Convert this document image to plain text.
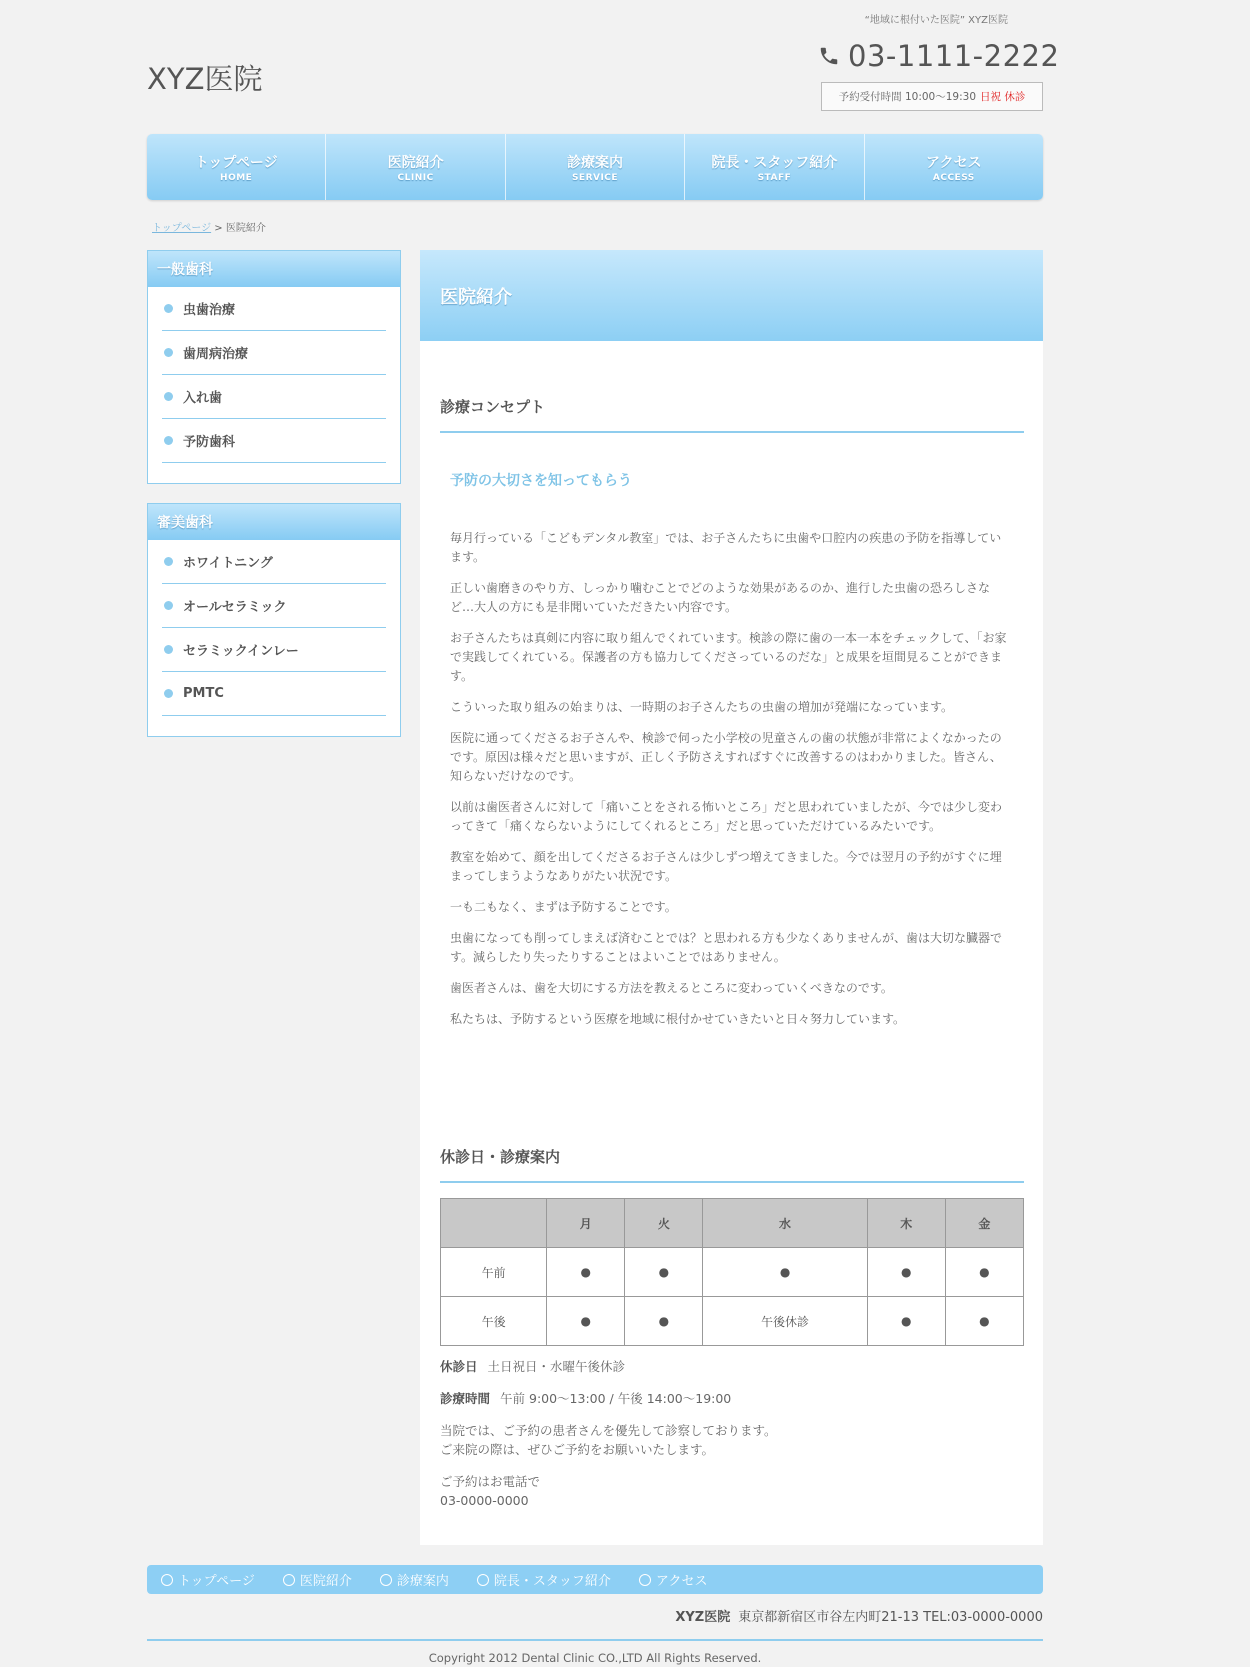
“地域に根付いた医院” XYZ医院
XYZ医院
03-1111-2222
予約受付時間 10:00～19:30 日祝 休診
トップページ
HOME
医院紹介
CLINIC
診療案内
SERVICE
院長・スタッフ紹介
STAFF
アクセス
ACCESS
トップページ > 医院紹介
一般歯科
虫歯治療
歯周病治療
入れ歯
予防歯科
審美歯科
ホワイトニング
オールセラミック
セラミックインレー
PMTC
医院紹介
診療コンセプト
予防の大切さを知ってもらう

毎月行っている「こどもデンタル教室」では、お子さんたちに虫歯や口腔内の疾患の予防を指導しています。

正しい歯磨きのやり方、しっかり噛むことでどのような効果があるのか、進行した虫歯の恐ろしさなど…大人の方にも是非聞いていただきたい内容です。

お子さんたちは真剣に内容に取り組んでくれています。検診の際に歯の一本一本をチェックして、「お家で実践してくれている。保護者の方も協力してくださっているのだな」と成果を垣間見ることができます。

こういった取り組みの始まりは、一時期のお子さんたちの虫歯の増加が発端になっています。

医院に通ってくださるお子さんや、検診で伺った小学校の児童さんの歯の状態が非常によくなかったのです。原因は様々だと思いますが、正しく予防さえすればすぐに改善するのはわかりました。皆さん、知らないだけなのです。

以前は歯医者さんに対して「痛いことをされる怖いところ」だと思われていましたが、今では少し変わってきて「痛くならないようにしてくれるところ」だと思っていただけているみたいです。

教室を始めて、顔を出してくださるお子さんは少しずつ増えてきました。今では翌月の予約がすぐに埋まってしまうようなありがたい状況です。

一も二もなく、まずは予防することです。

虫歯になっても削ってしまえば済むことでは？と思われる方も少なくありませんが、歯は大切な臓器です。減らしたり失ったりすることはよいことではありません。

歯医者さんは、歯を大切にする方法を教えるところに変わっていくべきなのです。

私たちは、予防するという医療を地域に根付かせていきたいと日々努力しています。

休診日・診療案内
	月	火	水	木	金
午前	●	●	●	●	●
午後	●	●	午後休診	●	●
休診日 土日祝日・水曜午後休診
診療時間 午前 9:00～13:00 / 午後 14:00～19:00
当院では、ご予約の患者さんを優先して診察しております。
ご来院の際は、ぜひご予約をお願いいたします。
ご予約はお電話で
03-0000-0000
トップページ	医院紹介	診療案内	院長・スタッフ紹介	アクセス
XYZ医院 東京都新宿区市谷左内町21-13 TEL:03-0000-0000
Copyright 2012 Dental Clinic CO.,LTD All Rights Reserved.
